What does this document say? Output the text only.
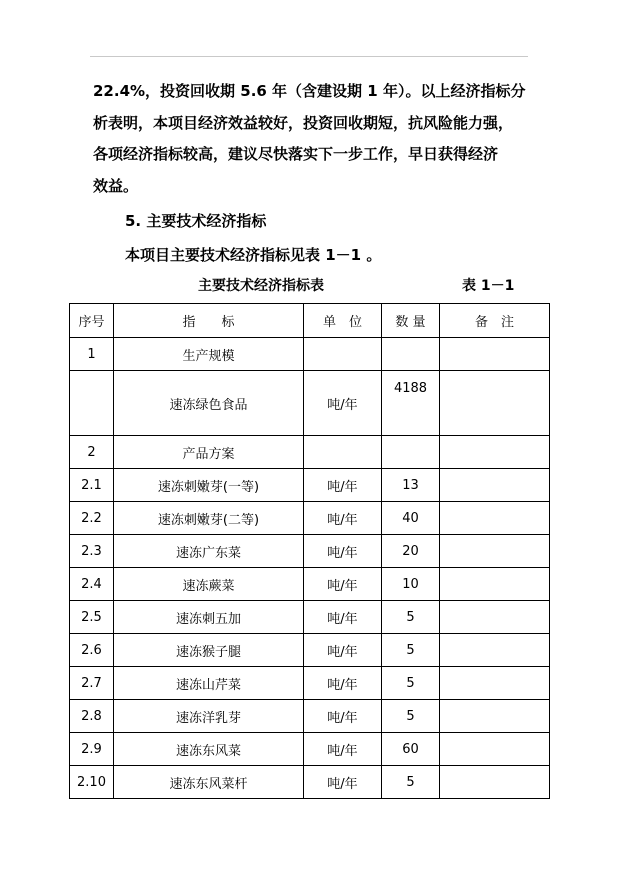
22.4%，投资回收期 5.6 年（含建设期 1 年）。以上经济指标分
析表明，本项目经济效益较好，投资回收期短，抗风险能力强，
各项经济指标较高，建议尽快落实下一步工作，早日获得经济
效益。
5. 主要技术经济指标
本项目主要技术经济指标见表 1－1 。
主要技术经济指标表	表 1－1
序号	指　　标	单　位	数 量	备　注
1	生产规模			
	速冻绿色食品	吨/年	4188	
2	产品方案			
2.1	速冻刺嫩芽(一等)	吨/年	13	
2.2	速冻刺嫩芽(二等)	吨/年	40	
2.3	速冻广东菜	吨/年	20	
2.4	速冻蕨菜	吨/年	10	
2.5	速冻刺五加	吨/年	5	
2.6	速冻猴子腿	吨/年	5	
2.7	速冻山芹菜	吨/年	5	
2.8	速冻洋乳芽	吨/年	5	
2.9	速冻东风菜	吨/年	60	
2.10	速冻东风菜杆	吨/年	5	
